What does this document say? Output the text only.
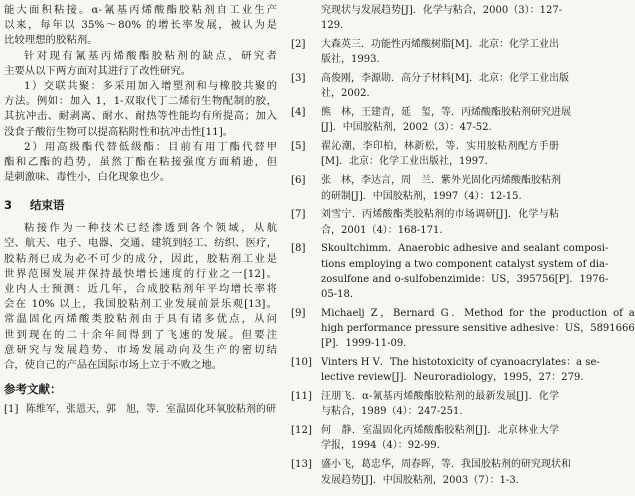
能大面积粘接。α-氰基丙烯酸酯胶粘剂自工业生产
以来，每年以 35%～80% 的增长率发展，被认为是
比较理想的胶粘剂。
针对现有氰基丙烯酸酯胶粘剂的缺点，研究者
主要从以下两方面对其进行了改性研究。
1）交联共聚：多采用加入增塑剂和与橡胶共聚的
方法。例如：加入 1，1-双取代丁二烯衍生物配制的胶，
其抗冲击、耐剥离、耐水、耐热等性能均有所提高；加入
没食子酸衍生物可以提高粘附性和抗冲击性[11]。
2）用高级酯代替低级酯：目前有用丁酯代替甲
酯和乙酯的趋势，虽然丁酯在粘接强度方面稍逊，但
是刺激味、毒性小，白化现象也少。
3 结束语
粘接作为一种技术已经渗透到各个领域，从航
空、航天、电子、电器、交通、建筑到轻工、纺织、医疗，
胶粘剂已成为必不可少的成分，因此，胶粘剂工业是
世界范围发展并保持最快增长速度的行业之一[12]。
业内人士预测：近几年，合成胶粘剂年平均增长率将
会在 10% 以上，我国胶粘剂工业发展前景乐观[13]。
常温固化丙烯酸类胶粘剂由于具有诸多优点，从问
世到现在的二十余年间得到了飞速的发展。但要注
意研究与发展趋势、市场发展动向及生产的密切结
合，使自己的产品在国际市场上立于不败之地。
参考文献：
[1] 陈维军，张恩天，郭　旭，等．室温固化环氧胶粘剂的研
究现状与发展趋势[J]．化学与粘合，2000（3）：127-
129.
[2]	大森英三．功能性丙烯酸树脂[M]．北京：化学工业出
版社，1993.
[3]	高俊刚，李源勋．高分子材料[M]．北京：化学工业出版
社，2002.
[4]	熊　林，王建青，延　玺，等．丙烯酸酯胶粘剂研究进展
[J]．中国胶粘剂，2002（3）：47-52.
[5]	翟沁潮，李印柏，林新松，等．实用胶粘剂配方手册
[M]．北京：化学工业出版社，1997.
[6]	张　林，李达言，周　兰．紫外光固化丙烯酸酯胶粘剂
的研制[J]．中国胶粘剂，1997（4）：12-15.
[7]	刘雪宁．丙烯酸酯类胶粘剂的市场调研[J]．化学与粘
合，2001（4）：168-171.
[8]	Skoultchimm．Anaerobic adhesive and sealant composi-
tions employing a two component catalyst system of dia-
zosulfone and o-sulfobenzimide：US，395756[P]．1976-
05-18.
[9]	Michaelj Z，Bernard G．Method for the production of a
high performance pressure sensitive adhesive：US，5891666
[P]．1999-11-09.
[10] Vinters H V．The histotoxicity of cyanoacrylates：a se-
lective review[J]．Neuroradiology，1995，27：279.
[11] 汪朋飞．α-氰基丙烯酸酯胶粘剂的最新发展[J]．化学
与粘合，1989（4）：247-251.
[12] 何　静．室温固化丙烯酸酯胶粘剂[J]．北京林业大学
学报，1994（4）：92-99.
[13] 盛小飞，葛忠华，周春晖，等．我国胶粘剂的研究现状和
发展趋势[J]．中国胶粘剂，2003（7）：1-3.
